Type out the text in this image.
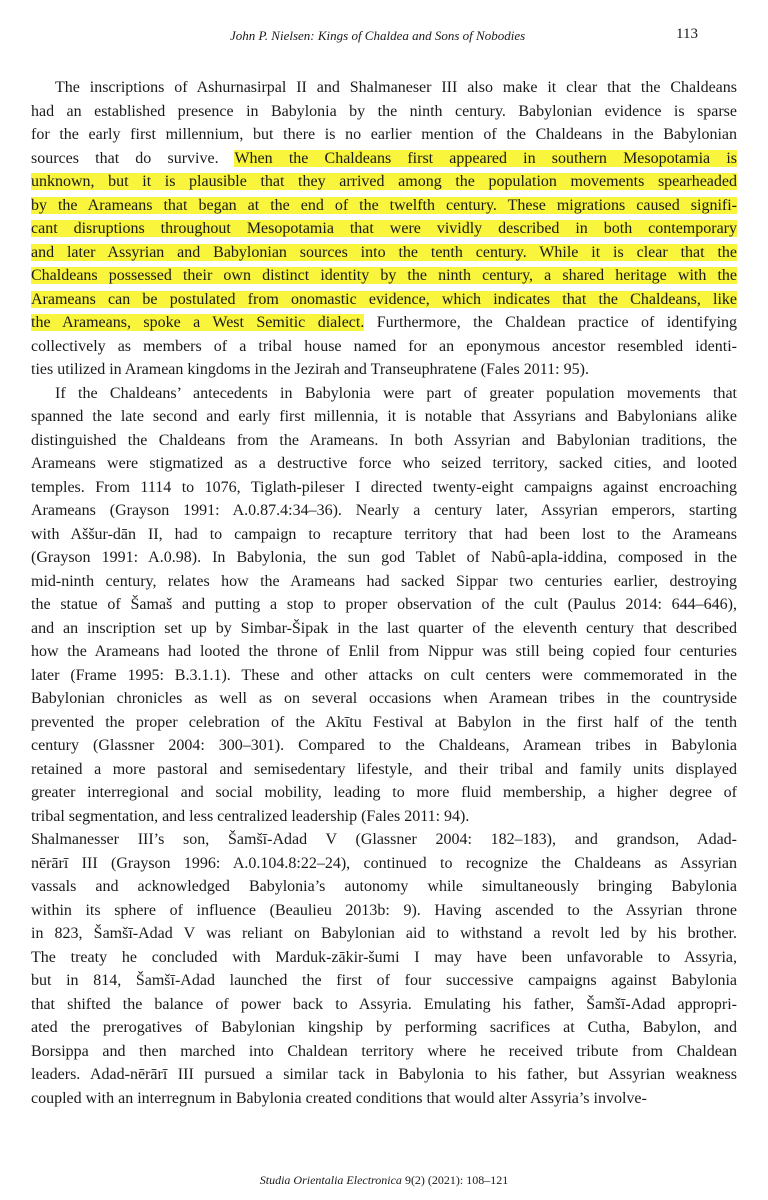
John P. Nielsen: Kings of Chaldea and Sons of Nobodies	113
The inscriptions of Ashurnasirpal II and Shalmaneser III also make it clear that the Chaldeans
had an established presence in Babylonia by the ninth century. Babylonian evidence is sparse
for the early first millennium, but there is no earlier mention of the Chaldeans in the Babylonian
sources that do survive. When the Chaldeans first appeared in southern Mesopotamia is
unknown, but it is plausible that they arrived among the population movements spearheaded
by the Arameans that began at the end of the twelfth century. These migrations caused signifi-
cant disruptions throughout Mesopotamia that were vividly described in both contemporary
and later Assyrian and Babylonian sources into the tenth century. While it is clear that the
Chaldeans possessed their own distinct identity by the ninth century, a shared heritage with the
Arameans can be postulated from onomastic evidence, which indicates that the Chaldeans, like
the Arameans, spoke a West Semitic dialect. Furthermore, the Chaldean practice of identifying
collectively as members of a tribal house named for an eponymous ancestor resembled identi-
ties utilized in Aramean kingdoms in the Jezirah and Transeuphratene (Fales 2011: 95).
If the Chaldeans’ antecedents in Babylonia were part of greater population movements that
spanned the late second and early first millennia, it is notable that Assyrians and Babylonians alike
distinguished the Chaldeans from the Arameans. In both Assyrian and Babylonian traditions, the
Arameans were stigmatized as a destructive force who seized territory, sacked cities, and looted
temples. From 1114 to 1076, Tiglath-pileser I directed twenty-eight campaigns against encroaching
Arameans (Grayson 1991: A.0.87.4:34–36). Nearly a century later, Assyrian emperors, starting
with Aššur-dān II, had to campaign to recapture territory that had been lost to the Arameans
(Grayson 1991: A.0.98). In Babylonia, the sun god Tablet of Nabû-apla-iddina, composed in the
mid-ninth century, relates how the Arameans had sacked Sippar two centuries earlier, destroying
the statue of Šamaš and putting a stop to proper observation of the cult (Paulus 2014: 644–646),
and an inscription set up by Simbar-Šipak in the last quarter of the eleventh century that described
how the Arameans had looted the throne of Enlil from Nippur was still being copied four centuries
later (Frame 1995: B.3.1.1). These and other attacks on cult centers were commemorated in the
Babylonian chronicles as well as on several occasions when Aramean tribes in the countryside
prevented the proper celebration of the Akītu Festival at Babylon in the first half of the tenth
century (Glassner 2004: 300–301). Compared to the Chaldeans, Aramean tribes in Babylonia
retained a more pastoral and semisedentary lifestyle, and their tribal and family units displayed
greater interregional and social mobility, leading to more fluid membership, a higher degree of
tribal segmentation, and less centralized leadership (Fales 2011: 94).
Shalmanesser III’s son, Šamšī-Adad V (Glassner 2004: 182–183), and grandson, Adad-
nērārī III (Grayson 1996: A.0.104.8:22–24), continued to recognize the Chaldeans as Assyrian
vassals and acknowledged Babylonia’s autonomy while simultaneously bringing Babylonia
within its sphere of influence (Beaulieu 2013b: 9). Having ascended to the Assyrian throne
in 823, Šamšī-Adad V was reliant on Babylonian aid to withstand a revolt led by his brother.
The treaty he concluded with Marduk-zākir-šumi I may have been unfavorable to Assyria,
but in 814, Šamšī-Adad launched the first of four successive campaigns against Babylonia
that shifted the balance of power back to Assyria. Emulating his father, Šamšī-Adad appropri-
ated the prerogatives of Babylonian kingship by performing sacrifices at Cutha, Babylon, and
Borsippa and then marched into Chaldean territory where he received tribute from Chaldean
leaders. Adad-nērārī III pursued a similar tack in Babylonia to his father, but Assyrian weakness
coupled with an interregnum in Babylonia created conditions that would alter Assyria’s involve-
Studia Orientalia Electronica 9(2) (2021): 108–121
